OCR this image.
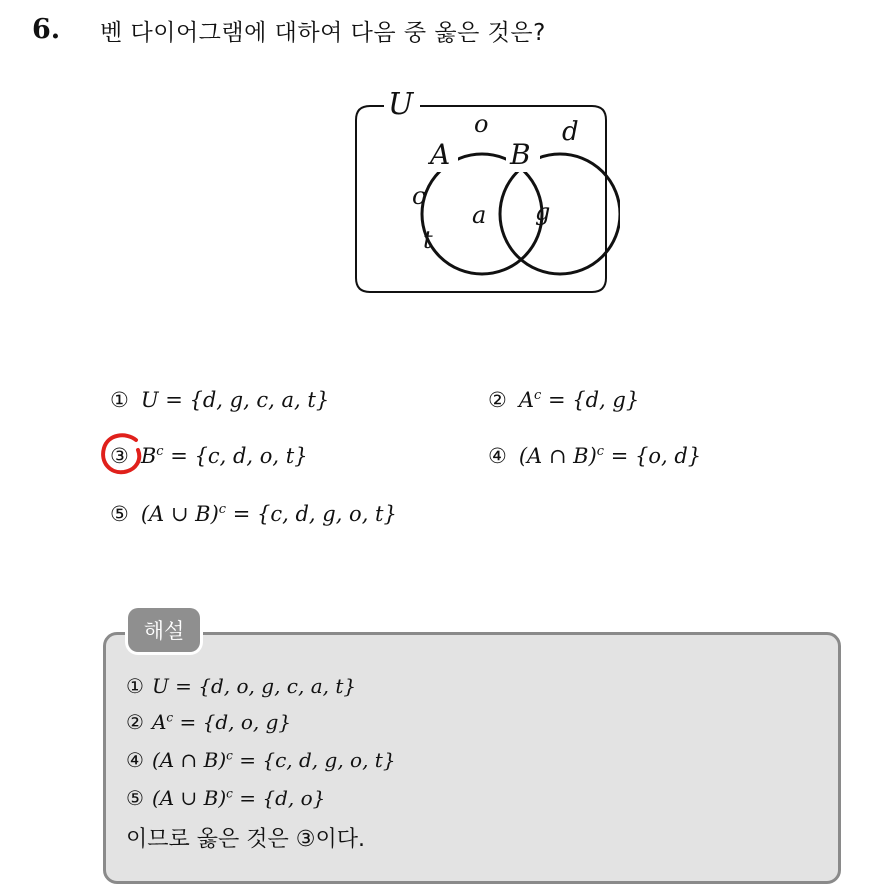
6. 벤 다이어그램에 대하여 다음 중 옳은 것은?
U
A B
o	d
c
t
a g
① U = {d, g, c, a, t}	② $A^c = \{d$, g}
③ $B^c = \{c$, d, o, t}	④ (A ∩ B)$^c$ = {o, d}
⑤ (A ∪ B)$^c$ = {c, d, g, o, t}
해설
① U = {d, o, g, c, a, t}
② $A^c = \{d$, o, g}
④ (A ∩ B)$^c$ = {c, d, g, o, t}
⑤ (A ∪ B)$^c$ = {d, o}
이므로 옳은 것은 ③이다.
